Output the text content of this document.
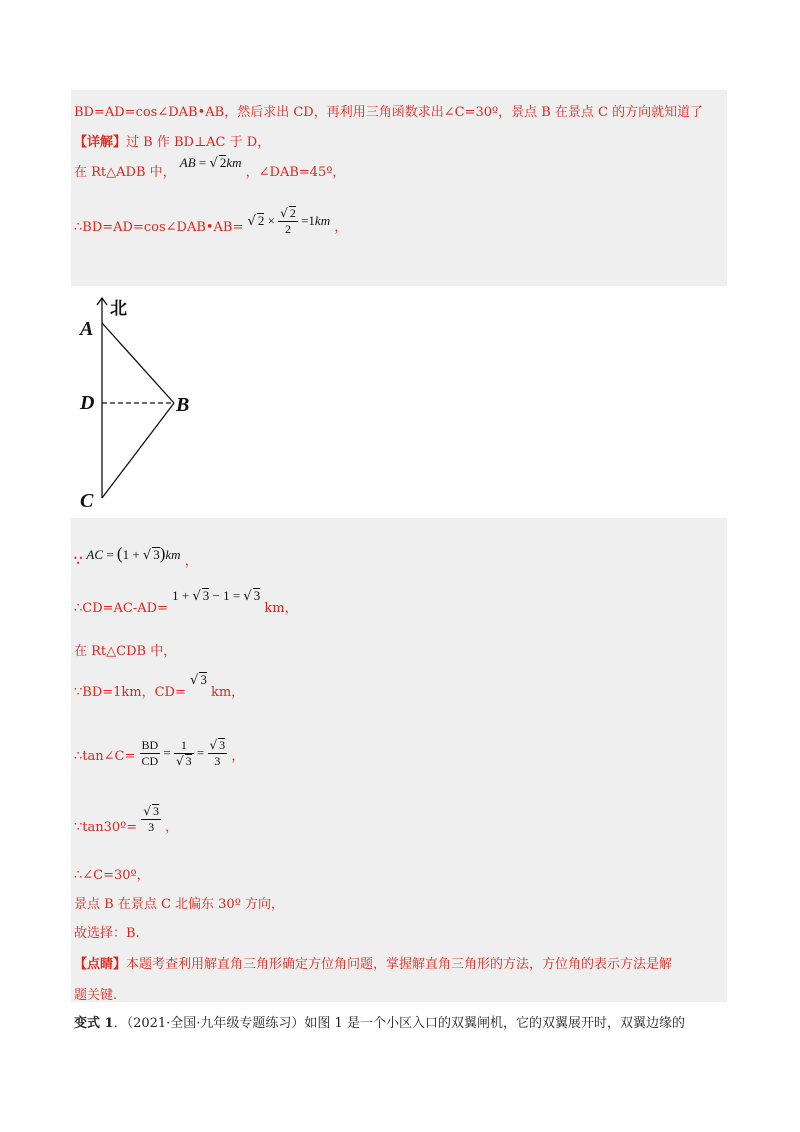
BD=AD=cos∠DAB•AB，然后求出 CD，再利用三角函数求出∠C=30º，景点 B 在景点 C 的方向就知道了
【详解】过 B 作 BD⊥AC 于 D，
在 Rt△ADB 中， AB = √ 2km ，∠DAB=45º，
∴BD=AD=cos∠DAB•AB= √ $2 \times \frac{√ 2}{2} =1km$ ，
北
A
D	B
C
∵ AC = (1 + √ 3)km ，
∴CD=AC-AD= 1 + √ 3 − 1 = √ 3 km，
在 Rt△CDB 中，
∵BD=1km，CD= √ 3 km，
∴tan∠C= $\frac{BD}{CD} = \frac{1}{√ 3} = \frac{√ 3}{3}$ ，
∵tan30º= $\frac{√ 3}{3}$ ，
∴∠C=30º，
景点 B 在景点 C 北偏东 30º 方向，
故选择：B.
【点睛】本题考查利用解直角三角形确定方位角问题，掌握解直角三角形的方法，方位角的表示方法是解
题关键.
变式 1．（2021·全国·九年级专题练习）如图 1 是一个小区入口的双翼闸机，它的双翼展开时，双翼边缘的
